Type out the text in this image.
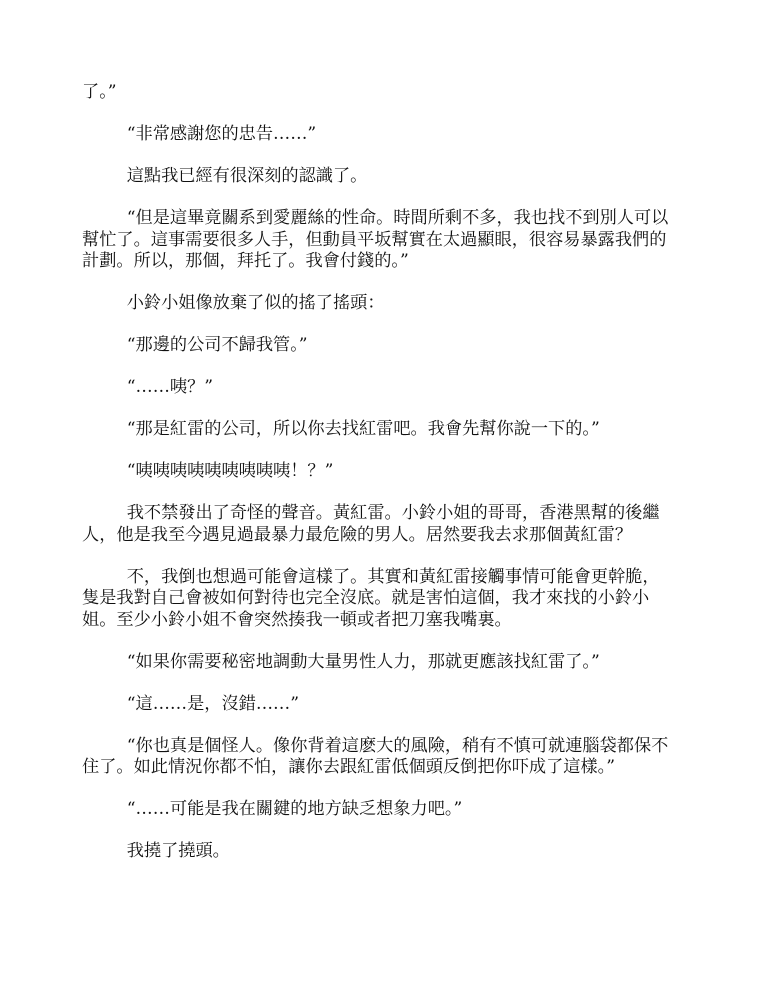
了。”

“非常感謝您的忠告……”

這點我已經有很深刻的認識了。

“但是這畢竟關系到愛麗絲的性命。時間所剩不多，我也找不到別人可以幫忙了。這事需要很多人手，但動員平坂幫實在太過顯眼，很容易暴露我們的計劃。所以，那個，拜托了。我會付錢的。”

小鈴小姐像放棄了似的搖了搖頭：

“那邊的公司不歸我管。”

“……咦？”

“那是紅雷的公司，所以你去找紅雷吧。我會先幫你說一下的。”

“咦咦咦咦咦咦咦咦咦！？”

我不禁發出了奇怪的聲音。黃紅雷。小鈴小姐的哥哥，香港黑幫的後繼人，他是我至今遇見過最暴力最危險的男人。居然要我去求那個黃紅雷？

不，我倒也想過可能會這樣了。其實和黃紅雷接觸事情可能會更幹脆，隻是我對自己會被如何對待也完全沒底。就是害怕這個，我才來找的小鈴小姐。至少小鈴小姐不會突然揍我一頓或者把刀塞我嘴裏。

“如果你需要秘密地調動大量男性人力，那就更應該找紅雷了。”

“這……是，沒錯……”

“你也真是個怪人。像你背着這麽大的風險，稍有不慎可就連腦袋都保不住了。如此情況你都不怕，讓你去跟紅雷低個頭反倒把你吓成了這樣。”

“……可能是我在關鍵的地方缺乏想象力吧。”

我撓了撓頭。
